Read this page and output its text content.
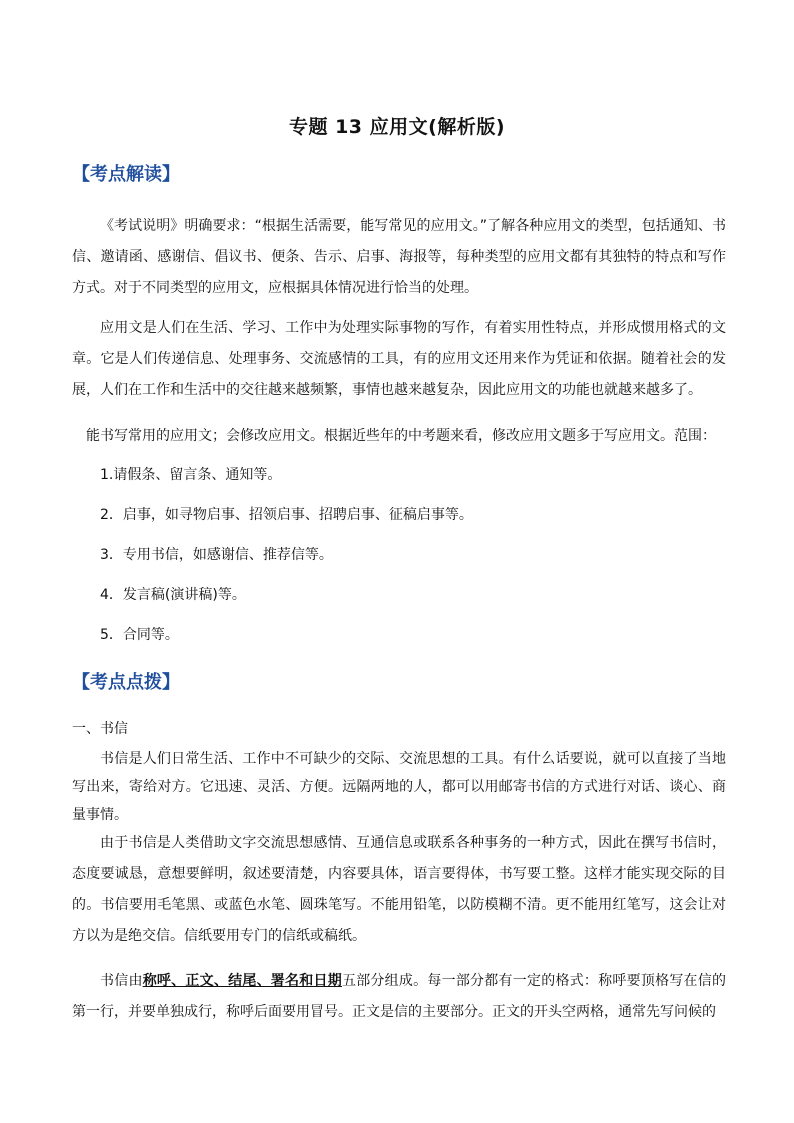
专题 13 应用文(解析版)
【考点解读】
《考试说明》明确要求：“根据生活需要，能写常见的应用文。”了解各种应用文的类型，包括通知、书信、邀请函、感谢信、倡议书、便条、告示、启事、海报等，每种类型的应用文都有其独特的特点和写作方式。对于不同类型的应用文，应根据具体情况进行恰当的处理。
应用文是人们在生活、学习、工作中为处理实际事物的写作，有着实用性特点，并形成惯用格式的文章。它是人们传递信息、处理事务、交流感情的工具，有的应用文还用来作为凭证和依据。随着社会的发展，人们在工作和生活中的交往越来越频繁，事情也越来越复杂，因此应用文的功能也就越来越多了。
能书写常用的应用文；会修改应用文。根据近些年的中考题来看，修改应用文题多于写应用文。范围：
1.请假条、留言条、通知等。
2．启事，如寻物启事、招领启事、招聘启事、征稿启事等。
3．专用书信，如感谢信、推荐信等。
4．发言稿(演讲稿)等。
5．合同等。
【考点点拨】
一、书信
书信是人们日常生活、工作中不可缺少的交际、交流思想的工具。有什么话要说，就可以直接了当地写出来，寄给对方。它迅速、灵活、方便。远隔两地的人，都可以用邮寄书信的方式进行对话、谈心、商量事情。
由于书信是人类借助文字交流思想感情、互通信息或联系各种事务的一种方式，因此在撰写书信时，态度要诚恳，意想要鲜明，叙述要清楚，内容要具体，语言要得体，书写要工整。这样才能实现交际的目的。书信要用毛笔黑、或蓝色水笔、圆珠笔写。不能用铅笔，以防模糊不清。更不能用红笔写，这会让对方以为是绝交信。信纸要用专门的信纸或稿纸。
书信由称呼、正文、结尾、署名和日期五部分组成。每一部分都有一定的格式：称呼要顶格写在信的第一行，并要单独成行，称呼后面要用冒号。正文是信的主要部分。正文的开头空两格，通常先写问候的
